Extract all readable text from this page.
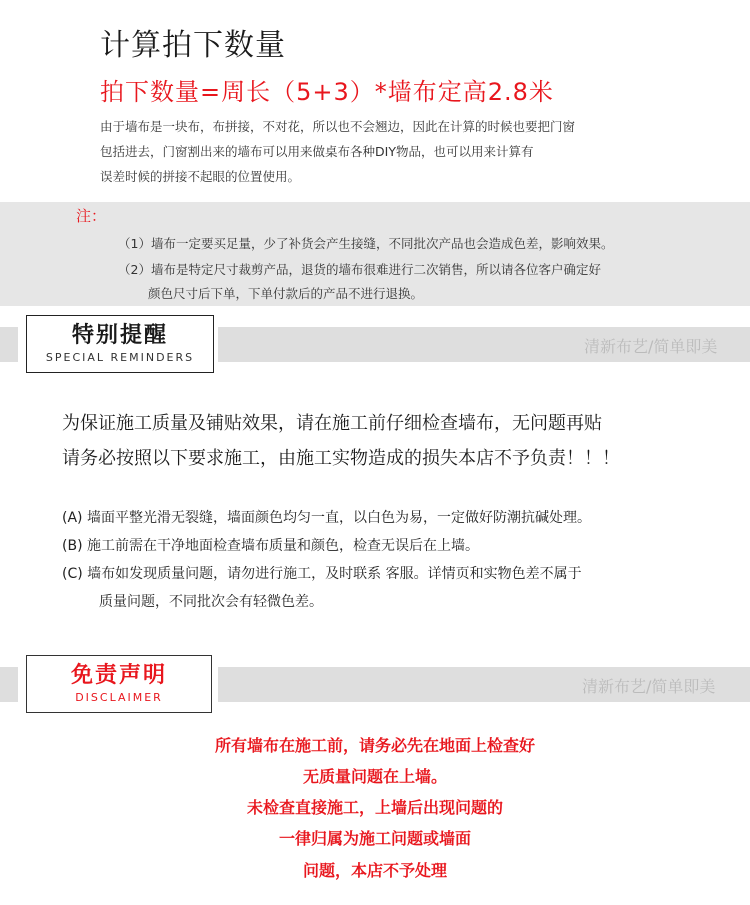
计算拍下数量
拍下数量=周长（5+3）*墙布定高2.8米

由于墙布是一块布，布拼接，不对花，所以也不会翘边，因此在计算的时候也要把门窗

包括进去，门窗割出来的墙布可以用来做桌布各种DIY物品，也可以用来计算有

误差时候的拼接不起眼的位置使用。

注：
（1）墙布一定要买足量，少了补货会产生接缝，不同批次产品也会造成色差，影响效果。
（2）墙布是特定尺寸裁剪产品，退货的墙布很难进行二次销售，所以请各位客户确定好
颜色尺寸后下单，下单付款后的产品不进行退换。
清新布艺/简单即美
特别提醒
SPECIAL REMINDERS
为保证施工质量及铺贴效果，请在施工前仔细检查墙布，无问题再贴
请务必按照以下要求施工，由施工实物造成的损失本店不予负责！！！
(A) 墙面平整光滑无裂缝，墙面颜色均匀一直，以白色为易，一定做好防潮抗碱处理。
(B) 施工前需在干净地面检查墙布质量和颜色，检查无误后在上墙。
(C) 墙布如发现质量问题，请勿进行施工，及时联系 客服。详情页和实物色差不属于
质量问题，不同批次会有轻微色差。
清新布艺/简单即美
免责声明
DISCLAIMER
所有墙布在施工前，请务必先在地面上检查好
无质量问题在上墙。
未检查直接施工，上墙后出现问题的
一律归属为施工问题或墙面
问题，本店不予处理
